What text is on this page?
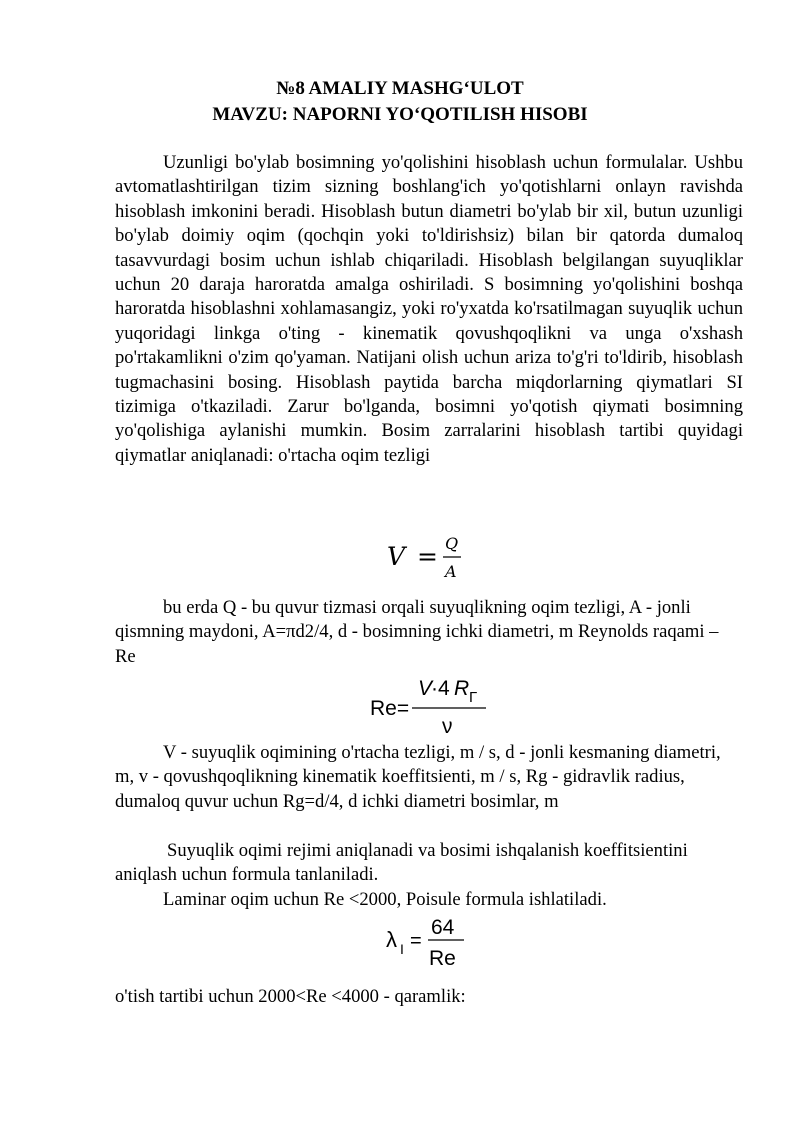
№8 AMALIY MASHG‘ULOT
MAVZU: NAPORNI YO‘QOTILISH HISOBI

Uzunligi bo'ylab bosimning yo'qolishini hisoblash uchun formulalar. Ushbu avtomatlashtirilgan tizim sizning boshlang'ich yo'qotishlarni onlayn ravishda hisoblash imkonini beradi. Hisoblash butun diametri bo'ylab bir xil, butun uzunligi bo'ylab doimiy oqim (qochqin yoki to'ldirishsiz) bilan bir qatorda dumaloq tasavvurdagi bosim uchun ishlab chiqariladi. Hisoblash belgilangan suyuqliklar uchun 20 daraja haroratda amalga oshiriladi. S bosimning yo'qolishini boshqa haroratda hisoblashni xohlamasangiz, yoki ro'yxatda ko'rsatilmagan suyuqlik uchun yuqoridagi linkga o'ting - kinematik qovushqoqlikni va unga o'xshash po'rtakamlikni o'zim qo'yaman. Natijani olish uchun ariza to'g'ri to'ldirib, hisoblash tugmachasini bosing. Hisoblash paytida barcha miqdorlarning qiymatlari SI tizimiga o'tkaziladi. Zarur bo'lganda, bosimni yo'qotish qiymati bosimning yo'qolishiga aylanishi mumkin. Bosim zarralarini hisoblash tartibi quyidagi qiymatlar aniqlanadi: o'rtacha oqim tezligi

V = Q
A

bu erda Q - bu quvur tizmasi orqali suyuqlikning oqim tezligi, A - jonli qismning maydoni, A=πd2/4, d - bosimning ichki diametri, m Reynolds raqami – Re

Re=
V
·4 R Г
ν

V - suyuqlik oqimining o'rtacha tezligi, m / s, d - jonli kesmaning diametri, m, v - qovushqoqlikning kinematik koeffitsienti, m / s, Rg - gidravlik radius, dumaloq quvur uchun Rg=d/4, d ichki diametri bosimlar, m

Suyuqlik oqimi rejimi aniqlanadi va bosimi ishqalanish koeffitsientini aniqlash uchun formula tanlaniladi.

Laminar oqim uchun Re <2000, Poisule formula ishlatiladi.

λ I =
64
Re

o'tish tartibi uchun 2000<Re <4000 - qaramlik:
